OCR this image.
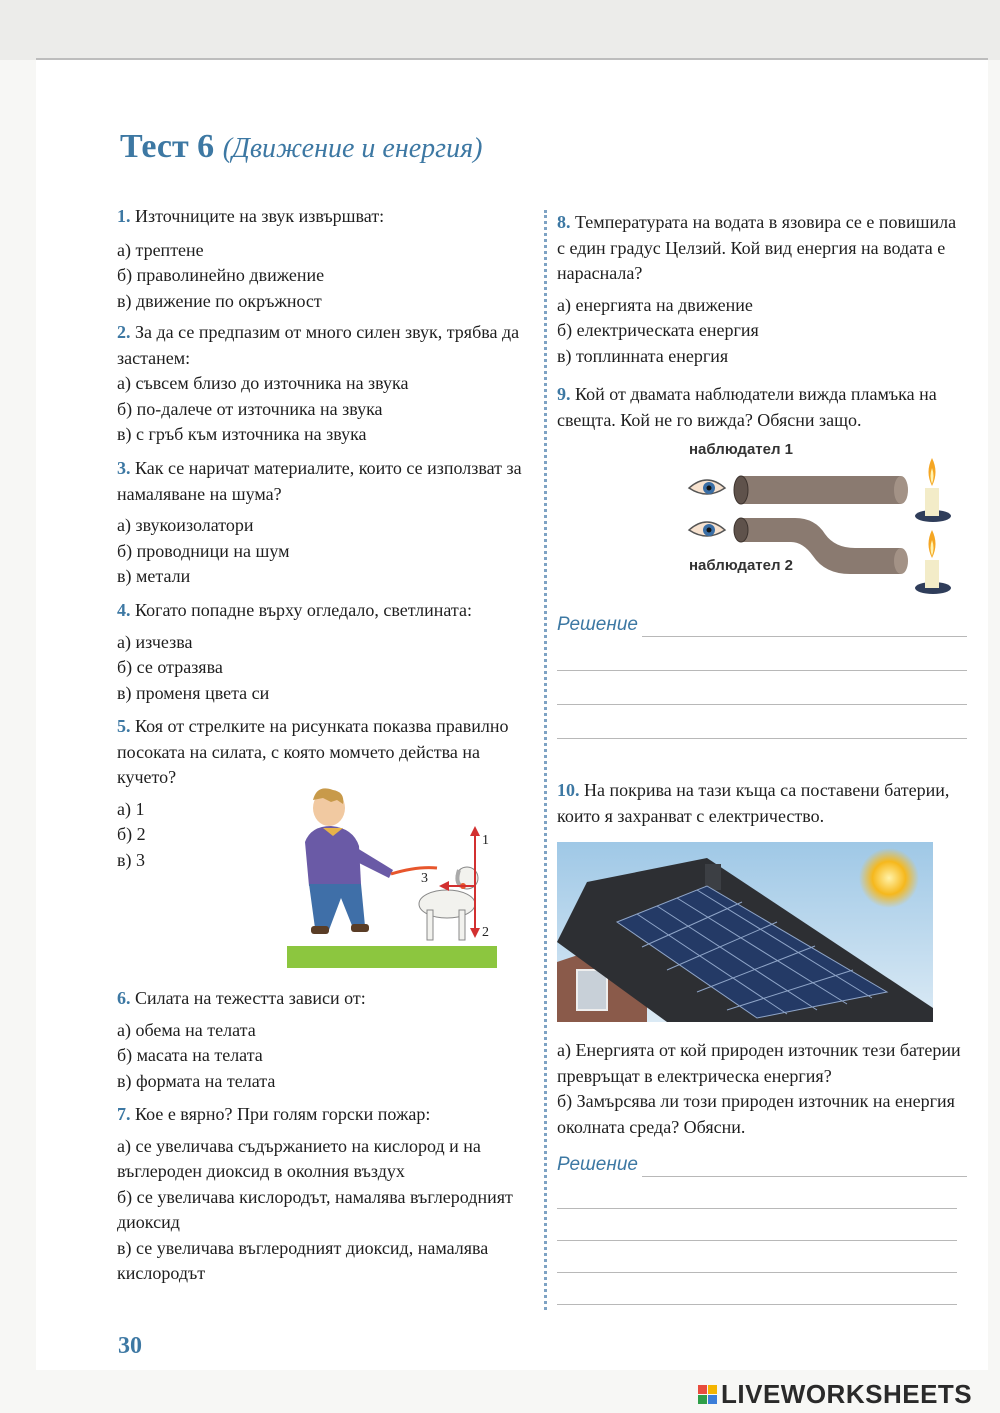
Тест 6 (Движение и енергия)

1. Източниците на звук извършват:

а) трептене

б) праволинейно движение

в) движение по окръжност

2. За да се предпазим от много силен звук, трябва да застанем:

а) съвсем близо до източника на звука

б) по-далече от източника на звука

в) с гръб към източника на звука

3. Как се наричат материалите, които се използват за намаляване на шума?

а) звукоизолатори

б) проводници на шум

в) метали

4. Когато попадне върху огледало, светлината:

а) изчезва

б) се отразява

в) променя цвета си

5. Коя от стрелките на рисунката показва правилно посоката на силата, с която момчето действа на кучето?

а) 1

б) 2

в) 3

1
2
3

6. Силата на тежестта зависи от:

а) обема на телата

б) масата на телата

в) формата на телата

7. Кое е вярно? При голям горски пожар:

а) се увеличава съдържанието на кислород и на въглероден диоксид в околния въздух

б) се увеличава кислородът, намалява въглеродният диоксид

в) се увеличава въглеродният диоксид, намалява кислородът

8. Температурата на водата в язовира се е повишила с един градус Целзий. Кой вид енергия на водата е нараснала?

а) енергията на движение

б) електрическата енергия

в) топлинната енергия

9. Кой от двамата наблюдатели вижда пламъка на свещта. Кой не го вижда? Обясни защо.

наблюдател 1
наблюдател 2
Решение

10. На покрива на тази къща са поставени батерии, които я захранват с електричество.

а) Енергията от кой природен източник тези батерии превръщат в електрическа енергия?

б) Замърсява ли този природен източник на енергия околната среда? Обясни.

Решение
30
LIVEWORKSHEETS
